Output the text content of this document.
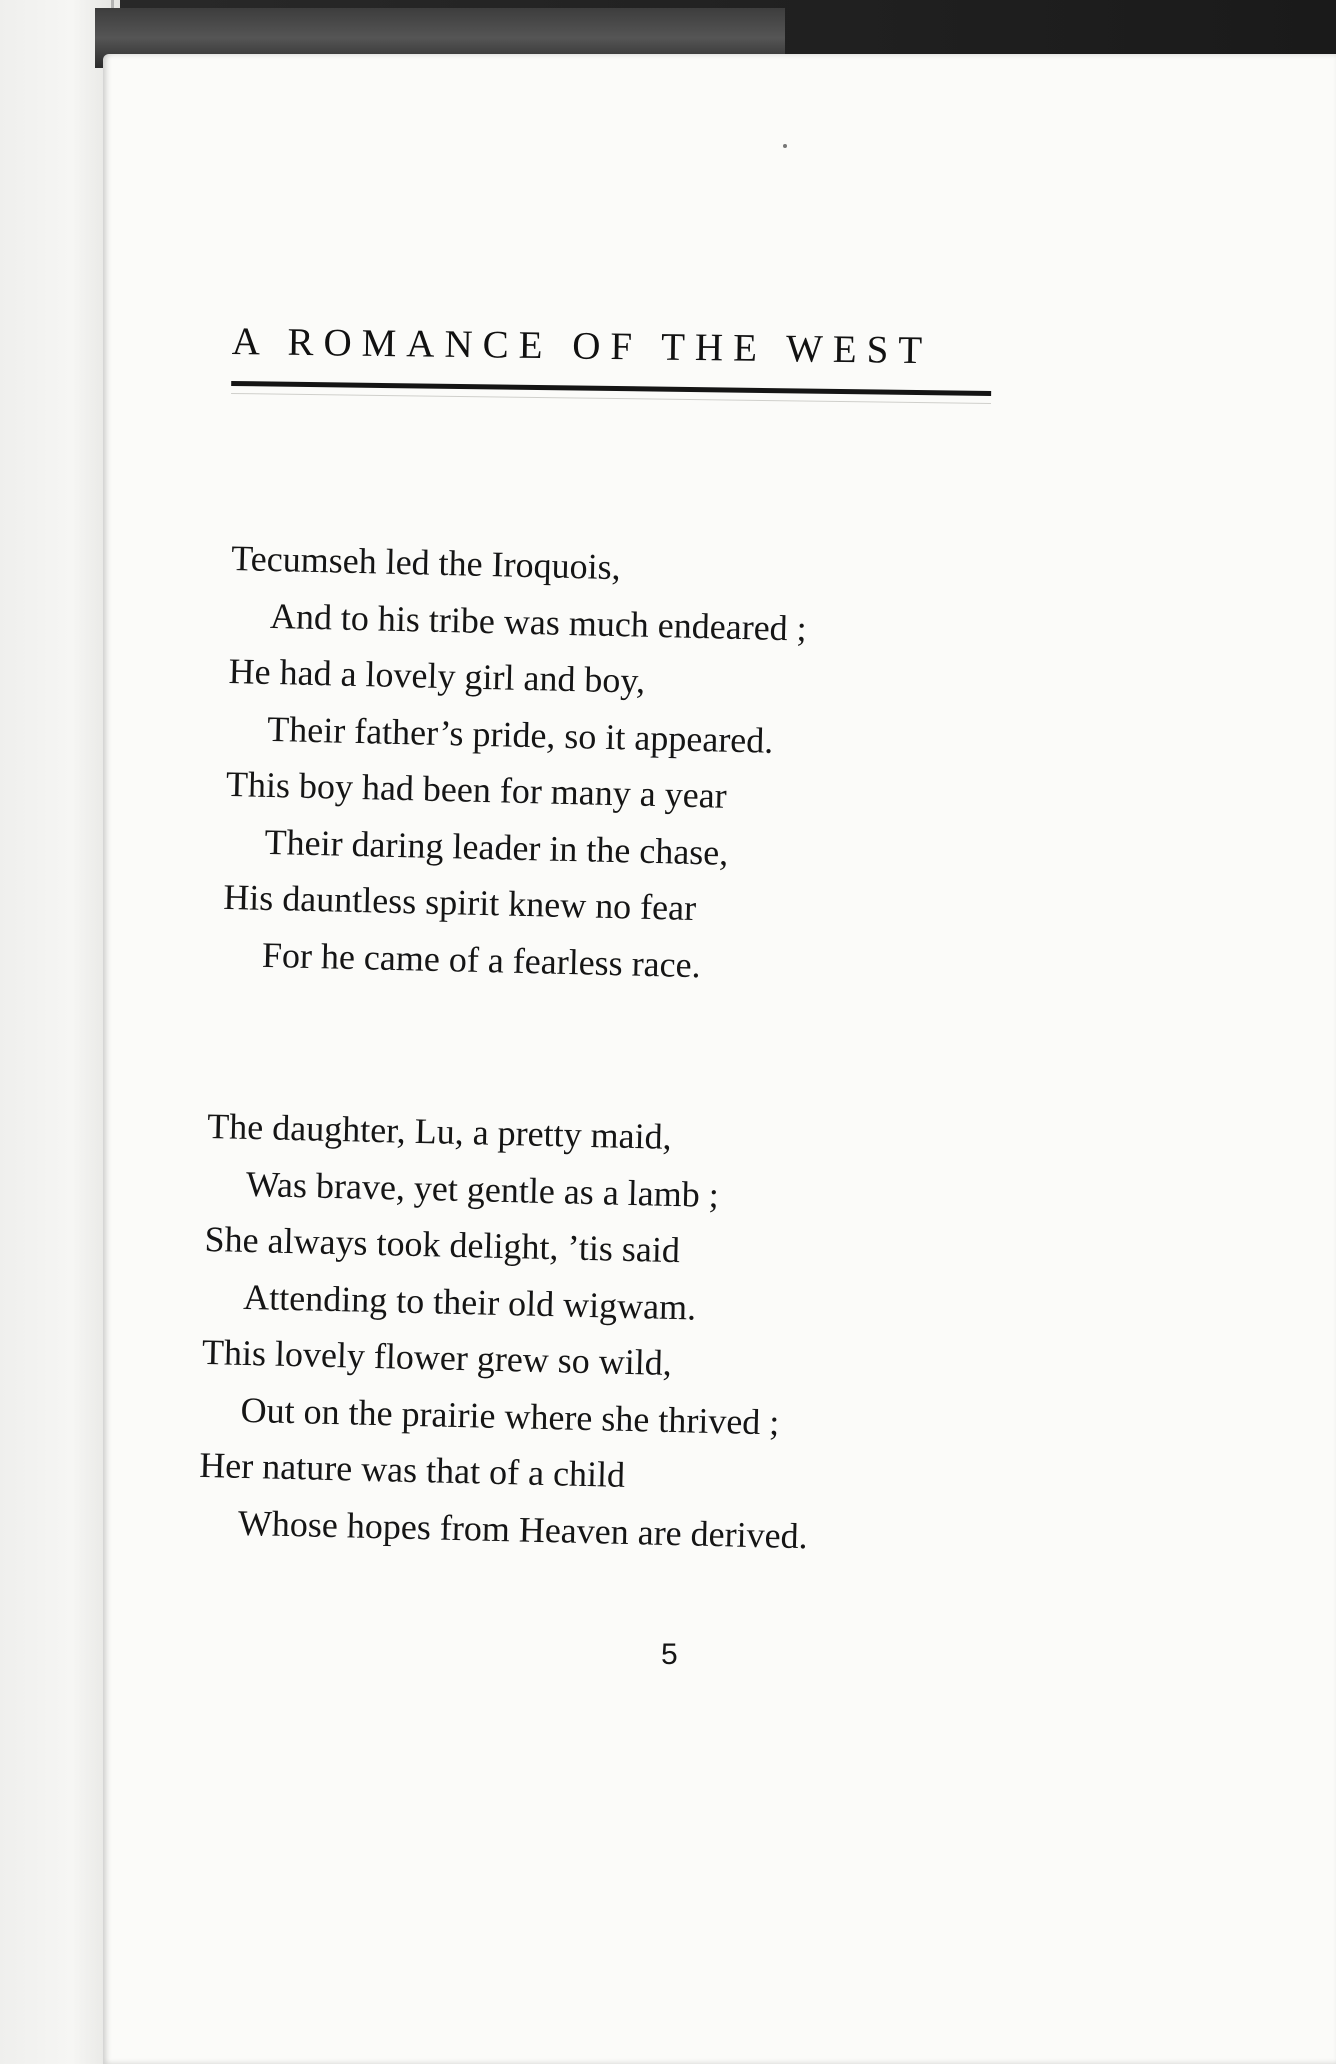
A ROMANCE OF THE WEST
Tecumseh led the Iroquois,
And to his tribe was much endeared ;
He had a lovely girl and boy,
Their father’s pride, so it appeared.
This boy had been for many a year
Their daring leader in the chase,
His dauntless spirit knew no fear
For he came of a fearless race.
The daughter, Lu, a pretty maid,
Was brave, yet gentle as a lamb ;
She always took delight, ’tis said
Attending to their old wigwam.
This lovely flower grew so wild,
Out on the prairie where she thrived ;
Her nature was that of a child
Whose hopes from Heaven are derived.
5
